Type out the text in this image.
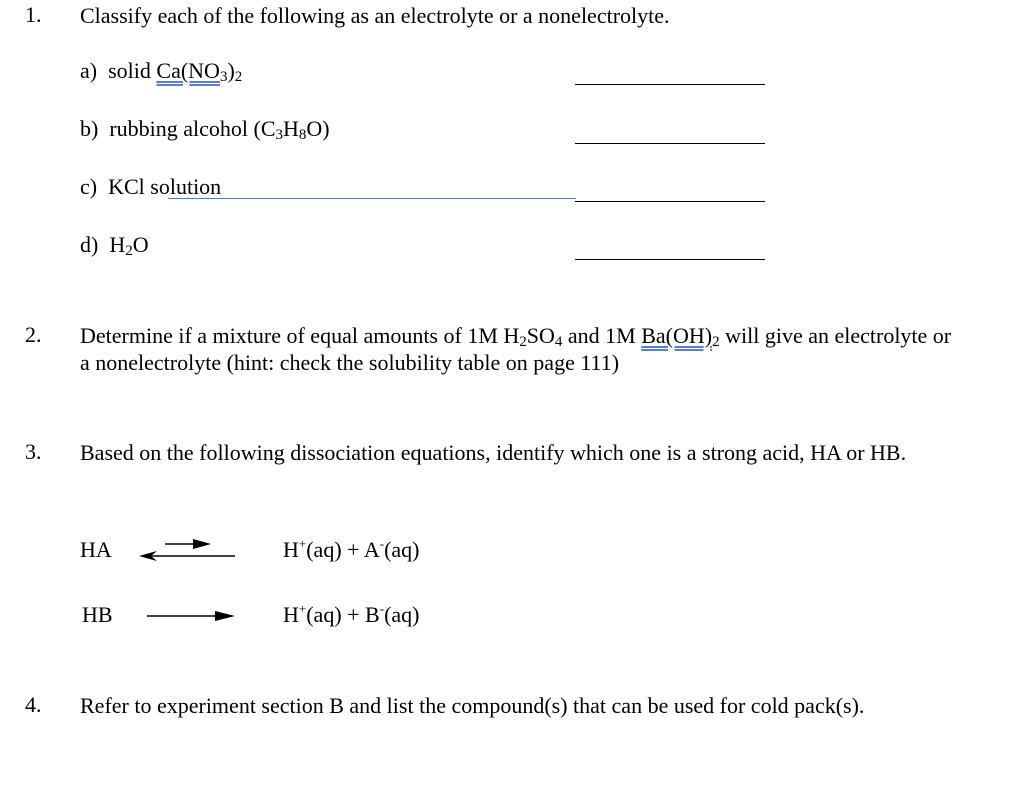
1. Classify each of the following as an electrolyte or a nonelectrolyte.
a) solid $Ca(NO_3)_2$
b) rubbing alcohol $(C_3H_8O)$
c) KCl solution
d) $H_2O$
2. Determine if a mixture of equal amounts of 1M $H_2SO_4$ and 1M $Ba(OH)_2$ will give an electrolyte or a nonelectrolyte (hint: check the solubility table on page 111)
3. Based on the following dissociation equations, identify which one is a strong acid, HA or HB.
HA	H+(aq) + A-(aq)
HB	H+(aq) + B-(aq)
4. Refer to experiment section B and list the compound(s) that can be used for cold pack(s).
